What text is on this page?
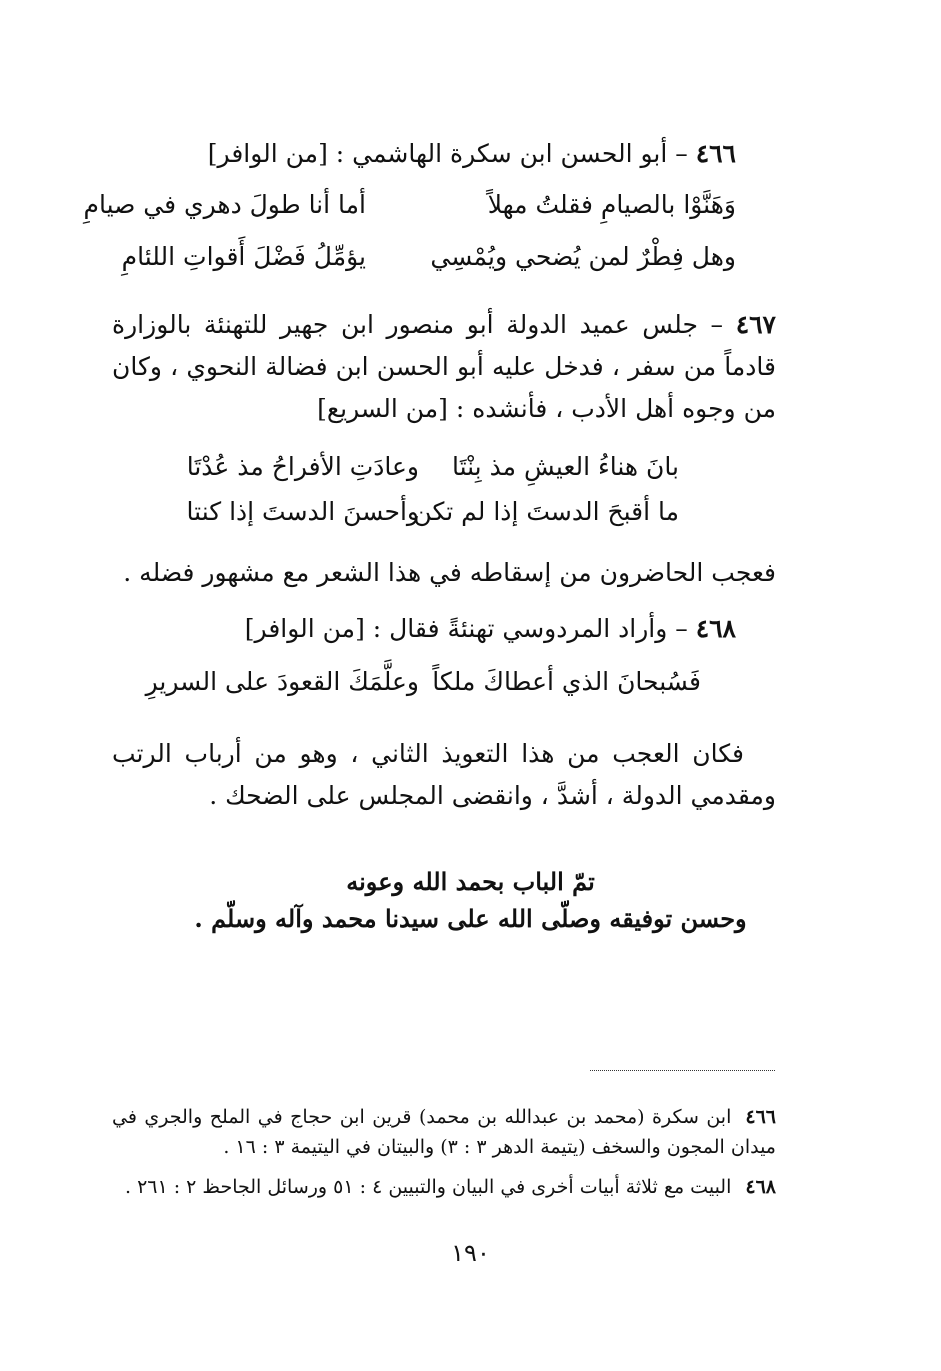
٤٦٦ – أبو الحسن ابن سكرة الهاشمي : [من الوافر]
وَهَنَّوْا بالصيامِ فقلتُ مهلاً
أما أنا طولَ دهري في صيامِ
وهل فِطْرٌ لمن يُضحي ويُمْسِي
يؤمِّلُ فَضْلَ أَقواتِ اللئامِ
٤٦٧ – جلس عميد الدولة أبو منصور ابن جهير للتهنئة بالوزارة قادماً من سفر ، فدخل عليه أبو الحسن ابن فضالة النحوي ، وكان من وجوه أهل الأدب ، فأنشده : [من السريع]
بانَ هناءُ العيشِ مذ بِنْتَا
وعادَتِ الأفراحُ مذ عُدْتَا
ما أقبحَ الدستَ إذا لم تكن
وأحسنَ الدستَ إذا كنتا
فعجب الحاضرون من إسقاطه في هذا الشعر مع مشهور فضله .
٤٦٨ – وأراد المردوسي تهنئةً فقال : [من الوافر]
فَسُبحانَ الذي أعطاكَ ملكاً
وعلَّمَكَ القعودَ على السريرِ
فكان العجب من هذا التعويذ الثاني ، وهو من أرباب الرتب ومقدمي الدولة ، أشدَّ ، وانقضى المجلس على الضحك .
تمّ الباب بحمد الله وعونه
وحسن توفيقه وصلّى الله على سيدنا محمد وآله وسلّم .
٤٦٦ابن سكرة (محمد بن عبدالله بن محمد) قرين ابن حجاج في الملح والجري في ميدان المجون والسخف (يتيمة الدهر ٣ : ٣) والبيتان في اليتيمة ٣ : ١٦ .
٤٦٨البيت مع ثلاثة أبيات أخرى في البيان والتبيين ٤ : ٥١ ورسائل الجاحظ ٢ : ٢٦١ .
١٩٠
